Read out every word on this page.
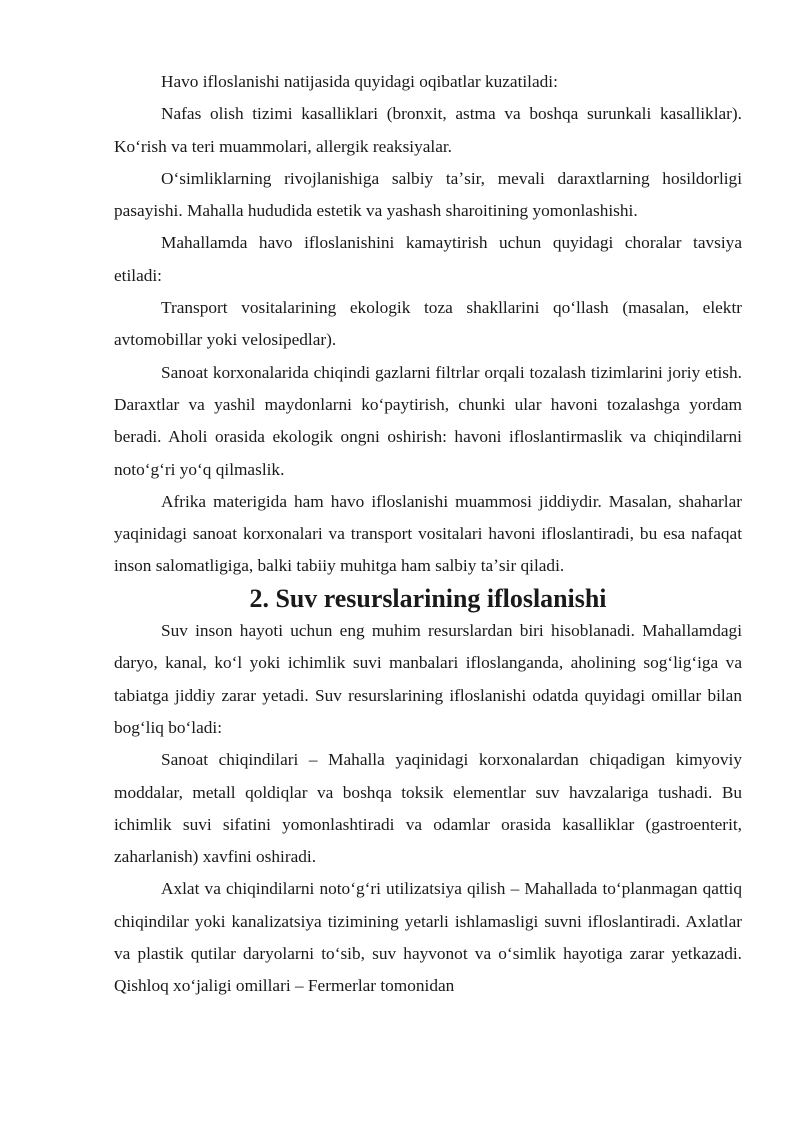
Havo ifloslanishi natijasida quyidagi oqibatlar kuzatiladi:

Nafas olish tizimi kasalliklari (bronxit, astma va boshqa surunkali kasalliklar). Koʻrish va teri muammolari, allergik reaksiyalar.

Oʻsimliklarning rivojlanishiga salbiy taʼsir, mevali daraxtlarning hosildorligi pasayishi. Mahalla hududida estetik va yashash sharoitining yomonlashishi.

Mahallamda havo ifloslanishini kamaytirish uchun quyidagi choralar tavsiya etiladi:

Transport vositalarining ekologik toza shakllarini qoʻllash (masalan, elektr avtomobillar yoki velosipedlar).

Sanoat korxonalarida chiqindi gazlarni filtrlar orqali tozalash tizimlarini joriy etish. Daraxtlar va yashil maydonlarni koʻpaytirish, chunki ular havoni tozalashga yordam beradi. Aholi orasida ekologik ongni oshirish: havoni ifloslantirmaslik va chiqindilarni notoʻgʻri yoʻq qilmaslik.

Afrika materigida ham havo ifloslanishi muammosi jiddiydir. Masalan, shaharlar yaqinidagi sanoat korxonalari va transport vositalari havoni ifloslantiradi, bu esa nafaqat inson salomatligiga, balki tabiiy muhitga ham salbiy taʼsir qiladi.

2. Suv resurslarining ifloslanishi

Suv inson hayoti uchun eng muhim resurslardan biri hisoblanadi. Mahallamdagi daryo, kanal, koʻl yoki ichimlik suvi manbalari ifloslanganda, aholining sogʻligʻiga va tabiatga jiddiy zarar yetadi. Suv resurslarining ifloslanishi odatda quyidagi omillar bilan bogʻliq boʻladi:

Sanoat chiqindilari – Mahalla yaqinidagi korxonalardan chiqadigan kimyoviy moddalar, metall qoldiqlar va boshqa toksik elementlar suv havzalariga tushadi. Bu ichimlik suvi sifatini yomonlashtiradi va odamlar orasida kasalliklar (gastroenterit, zaharlanish) xavfini oshiradi.

Axlat va chiqindilarni notoʻgʻri utilizatsiya qilish – Mahallada toʻplanmagan qattiq chiqindilar yoki kanalizatsiya tizimining yetarli ishlamasligi suvni ifloslantiradi. Axlatlar va plastik qutilar daryolarni toʻsib, suv hayvonot va oʻsimlik hayotiga zarar yetkazadi. Qishloq xoʻjaligi omillari – Fermerlar tomonidan
